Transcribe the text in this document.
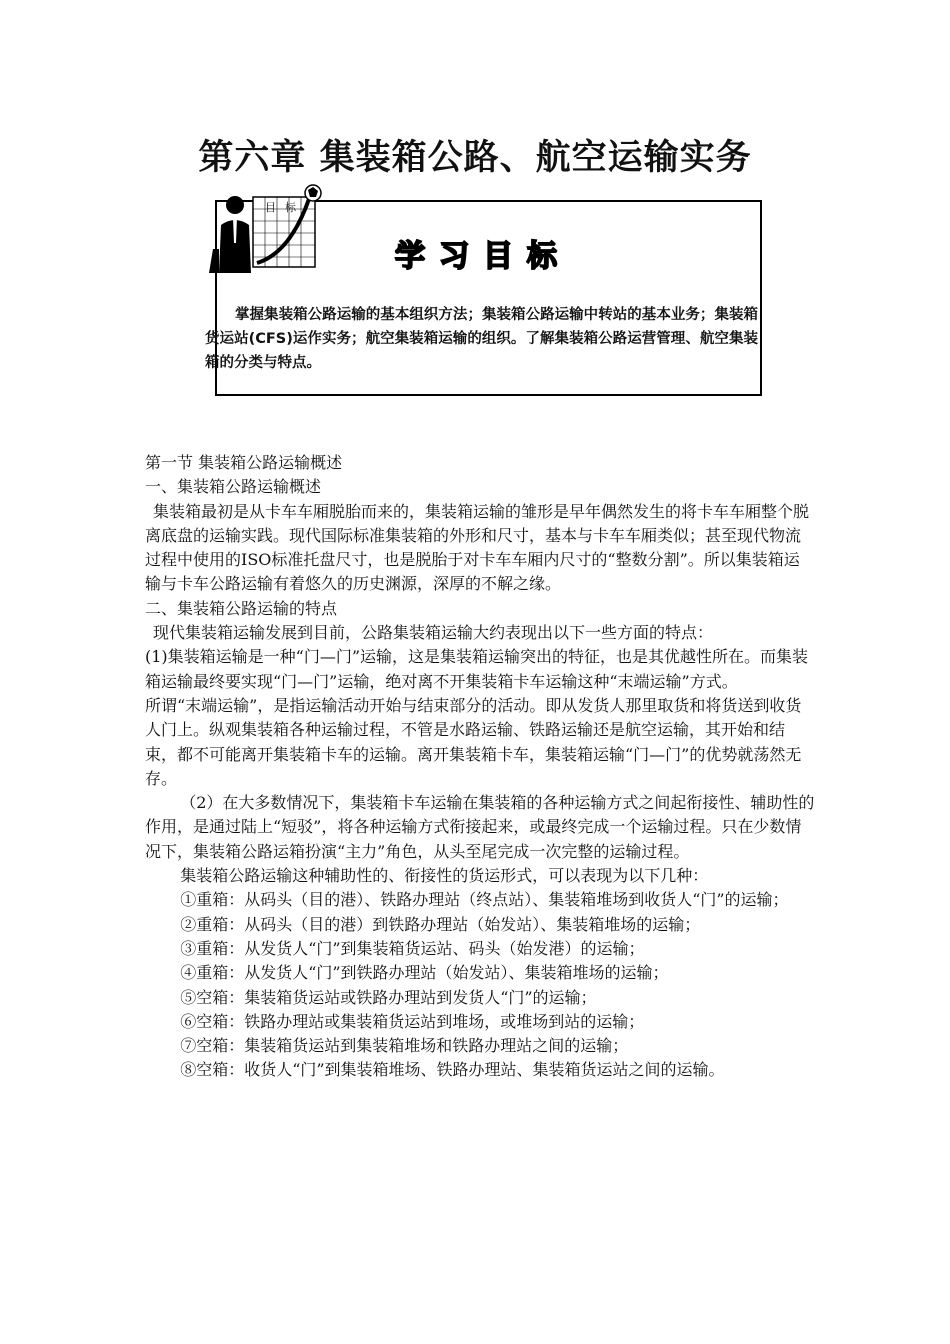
第六章 集装箱公路、航空运输实务
目 标
学习目标
掌握集装箱公路运输的基本组织方法；集装箱公路运输中转站的基本业务；集装箱货运站(CFS)运作实务；航空集装箱运输的组织。了解集装箱公路运营管理、航空集装箱的分类与特点。

第一节 集装箱公路运输概述

一、集装箱公路运输概述

集装箱最初是从卡车车厢脱胎而来的，集装箱运输的雏形是早年偶然发生的将卡车车厢整个脱离底盘的运输实践。现代国际标准集装箱的外形和尺寸，基本与卡车车厢类似；甚至现代物流过程中使用的ISO标准托盘尺寸，也是脱胎于对卡车车厢内尺寸的“整数分割”。所以集装箱运输与卡车公路运输有着悠久的历史渊源，深厚的不解之缘。

二、集装箱公路运输的特点

现代集装箱运输发展到目前，公路集装箱运输大约表现出以下一些方面的特点：

(1)集装箱运输是一种“门—门”运输，这是集装箱运输突出的特征，也是其优越性所在。而集装箱运输最终要实现“门—门”运输，绝对离不开集装箱卡车运输这种“末端运输”方式。

所谓“末端运输”，是指运输活动开始与结束部分的活动。即从发货人那里取货和将货送到收货人门上。纵观集装箱各种运输过程，不管是水路运输、铁路运输还是航空运输，其开始和结束，都不可能离开集装箱卡车的运输。离开集装箱卡车，集装箱运输“门—门”的优势就荡然无存。

（2）在大多数情况下，集装箱卡车运输在集装箱的各种运输方式之间起衔接性、辅助性的作用，是通过陆上“短驳”，将各种运输方式衔接起来，或最终完成一个运输过程。只在少数情况下，集装箱公路运箱扮演“主力”角色，从头至尾完成一次完整的运输过程。

集装箱公路运输这种辅助性的、衔接性的货运形式，可以表现为以下几种：

①重箱：从码头（目的港）、铁路办理站（终点站）、集装箱堆场到收货人“门”的运输；

②重箱：从码头（目的港）到铁路办理站（始发站）、集装箱堆场的运输；

③重箱：从发货人“门”到集装箱货运站、码头（始发港）的运输；

④重箱：从发货人“门”到铁路办理站（始发站）、集装箱堆场的运输；

⑤空箱：集装箱货运站或铁路办理站到发货人“门”的运输；

⑥空箱：铁路办理站或集装箱货运站到堆场，或堆场到站的运输；

⑦空箱：集装箱货运站到集装箱堆场和铁路办理站之间的运输；

⑧空箱：收货人“门”到集装箱堆场、铁路办理站、集装箱货运站之间的运输。
